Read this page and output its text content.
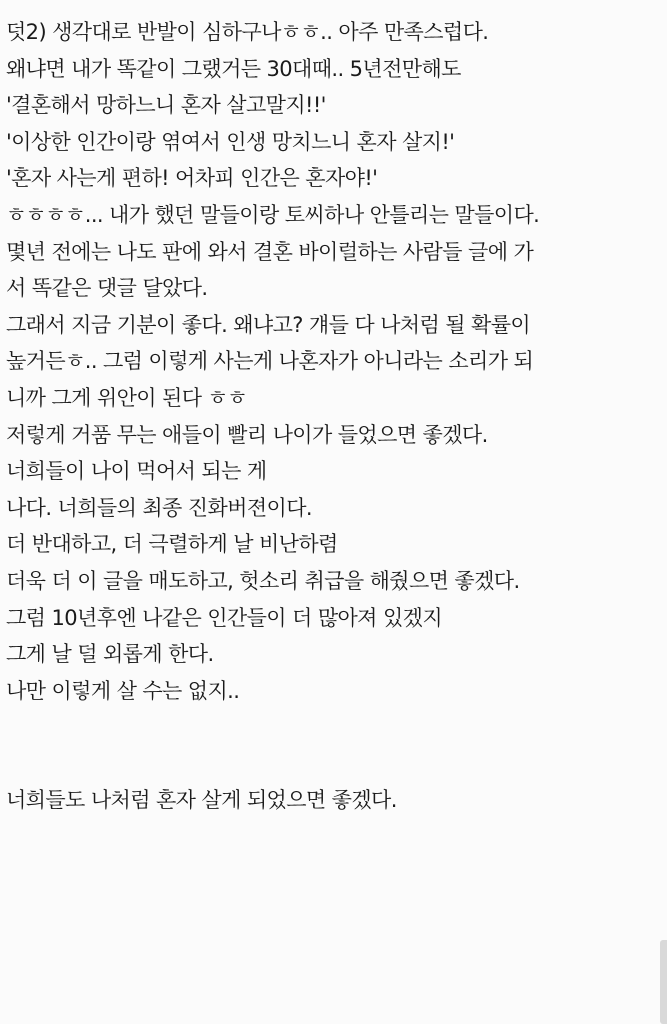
덧2) 생각대로 반발이 심하구나ㅎㅎ.. 아주 만족스럽다.
왜냐면 내가 똑같이 그랬거든 30대때.. 5년전만해도
'결혼해서 망하느니 혼자 살고말지!!'
'이상한 인간이랑 엮여서 인생 망치느니 혼자 살지!'
'혼자 사는게 편하! 어차피 인간은 혼자야!'
ㅎㅎㅎㅎ... 내가 했던 말들이랑 토씨하나 안틀리는 말들이다.
몇년 전에는 나도 판에 와서 결혼 바이럴하는 사람들 글에 가
서 똑같은 댓글 달았다.
그래서 지금 기분이 좋다. 왜냐고? 걔들 다 나처럼 될 확률이
높거든ㅎ.. 그럼 이렇게 사는게 나혼자가 아니라는 소리가 되
니까 그게 위안이 된다 ㅎㅎ
저렇게 거품 무는 애들이 빨리 나이가 들었으면 좋겠다.
너희들이 나이 먹어서 되는 게
나다. 너희들의 최종 진화버젼이다.
더 반대하고, 더 극렬하게 날 비난하렴
더욱 더 이 글을 매도하고, 헛소리 취급을 해줬으면 좋겠다.
그럼 10년후엔 나같은 인간들이 더 많아져 있겠지
그게 날 덜 외롭게 한다.
나만 이렇게 살 수는 없지..
너희들도 나처럼 혼자 살게 되었으면 좋겠다.
